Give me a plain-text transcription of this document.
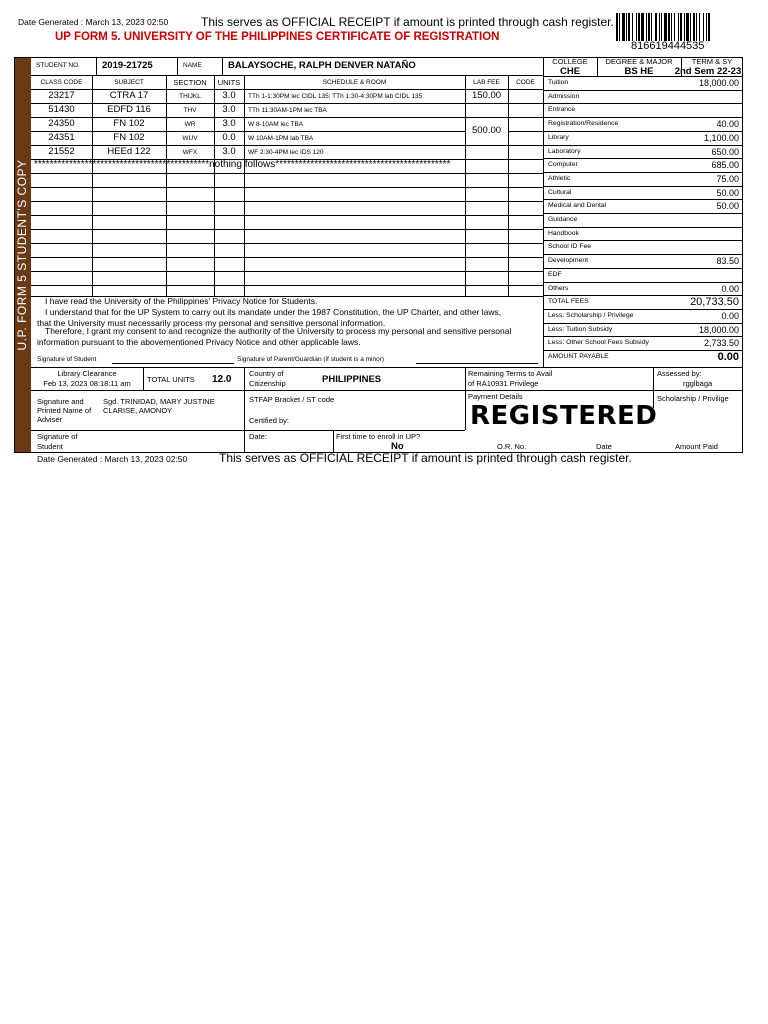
Date Generated : March 13, 2023 02:50	This serves as OFFICIAL RECEIPT if amount is printed through cash register.
UP FORM 5. UNIVERSITY OF THE PHILIPPINES CERTIFICATE OF REGISTRATION
816619444535
U.P. FORM 5 STUDENT'S COPY
STUDENT NO. 2019-21725	NAME	BALAYSOCHE, RALPH DENVER NATAÑO	COLLEGE
CHE
DEGREE & MAJOR
BS HE
TERM & SY
2nd Sem 22-23
CLASS CODE	SUBJECT	SECTION	UNITS	SCHEDULE & ROOM	LAB FEE	CODE
23217	CTRA 17	THIJKL	3.0	TTh 1-1:30PM lec CIDL 135; TTh 1:30-4:30PM lab CIDL 135	150.00
51430	EDFD 116	THV	3.0	TTh 11:30AM-1PM lec TBA
24350	FN 102	WR	3.0	W 8-10AM lec TBA
24351	FN 102	WUV	0.0	W 10AM-1PM lab TBA
500.00
21552	HEEd 122	WFX	3.0	WF 2:30-4PM lec IDS 120
*********************************************nothing follows*********************************************
Tuition	18,000.00
Admission
Entrance
Registration/Residence	40.00
Library	1,100.00
Laboratory	650.00
Computer	685.00
Athletic	75.00
Cultural	50.00
Medical and Dental	50.00
Guidance
Handbook
School ID Fee
Development	83.50
EDF
Others	0.00
TOTAL FEES	20,733.50
Less: Scholarship / Privilege	0.00
Less: Tuition Subsidy	18,000.00
Less: Other School Fees Subsidy	2,733.50
AMOUNT PAYABLE	0.00
I have read the University of the Philippines' Privacy Notice for Students.
I understand that for the UP System to carry out its mandate under the 1987 Constitution, the UP Charter, and other laws,
that the University must necessarily process my personal and sensitive personal information.
Therefore, I grant my consent to and recognize the authority of the University to process my personal and sensitive personal
information pursuant to the abovementioned Privacy Notice and other applicable laws.
Signature of Student	Signature of Parent/Guardian (if student is a minor)
Library Clearance
Feb 13, 2023 08:18:11 am	TOTAL UNITS 12.0
Country of
Citizenship	PHILIPPINES
Remaining Terms to Avail
of RA10931 Privilege
Assessed by:
rgglbaga
Signature and
Printed Name of
Adviser
Sgd. TRINIDAD, MARY JUSTINE
CLARISE, AMONOY
STFAP Bracket / ST code
Certified by:
Payment Details
REGISTERED
Scholarship / Privilige
Signature of
Student
Date:	First time to enroll in UP?
No	O.R. No.	Date	Amount Paid
Date Generated : March 13, 2023 02:50	This serves as OFFICIAL RECEIPT if amount is printed through cash register.
